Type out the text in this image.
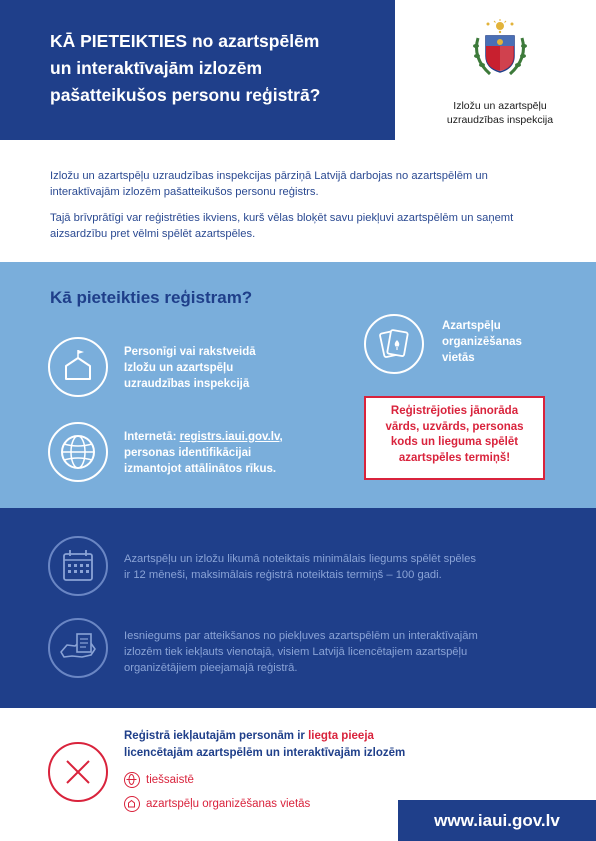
KĀ PIETEIKTIES no azartspēlēm
un interaktīvajām izlozēm
pašatteikušos personu reģistrā?
Izložu un azartspēļu
uzraudzības inspekcija

Izložu un azartspēļu uzraudzības inspekcijas pārziņā Latvijā darbojas no azartspēlēm un interaktīvajām izlozēm pašatteikušos personu reģistrs.

Tajā brīvprātīgi var reģistrēties ikviens, kurš vēlas bloķēt savu piekļuvi azartspēlēm un saņemt aizsardzību pret vēlmi spēlēt azartspēles.

Kā pieteikties reģistram?
Personīgi vai rakstveidā
Izložu un azartspēļu
uzraudzības inspekcijā
Internetā: registrs.iaui.gov.lv,
personas identifikācijai
izmantojot attālinātos rīkus.
Azartspēļu
organizēšanas
vietās
Reģistrējoties jānorāda
vārds, uzvārds, personas
kods un lieguma spēlēt
azartspēles termiņš!
Azartspēļu un izložu likumā noteiktais minimālais liegums spēlēt spēles
ir 12 mēneši, maksimālais reģistrā noteiktais termiņš – 100 gadi.
Iesniegums par atteikšanos no piekļuves azartspēlēm un interaktīvajām
izlozēm tiek iekļauts vienotajā, visiem Latvijā licencētajiem azartspēļu
organizētājiem pieejamajā reģistrā.
Reģistrā iekļautajām personām ir liegta pieeja
licencētajām azartspēlēm un interaktīvajām izlozēm
tiešsaistē
azartspēļu organizēšanas vietās
www.iaui.gov.lv
